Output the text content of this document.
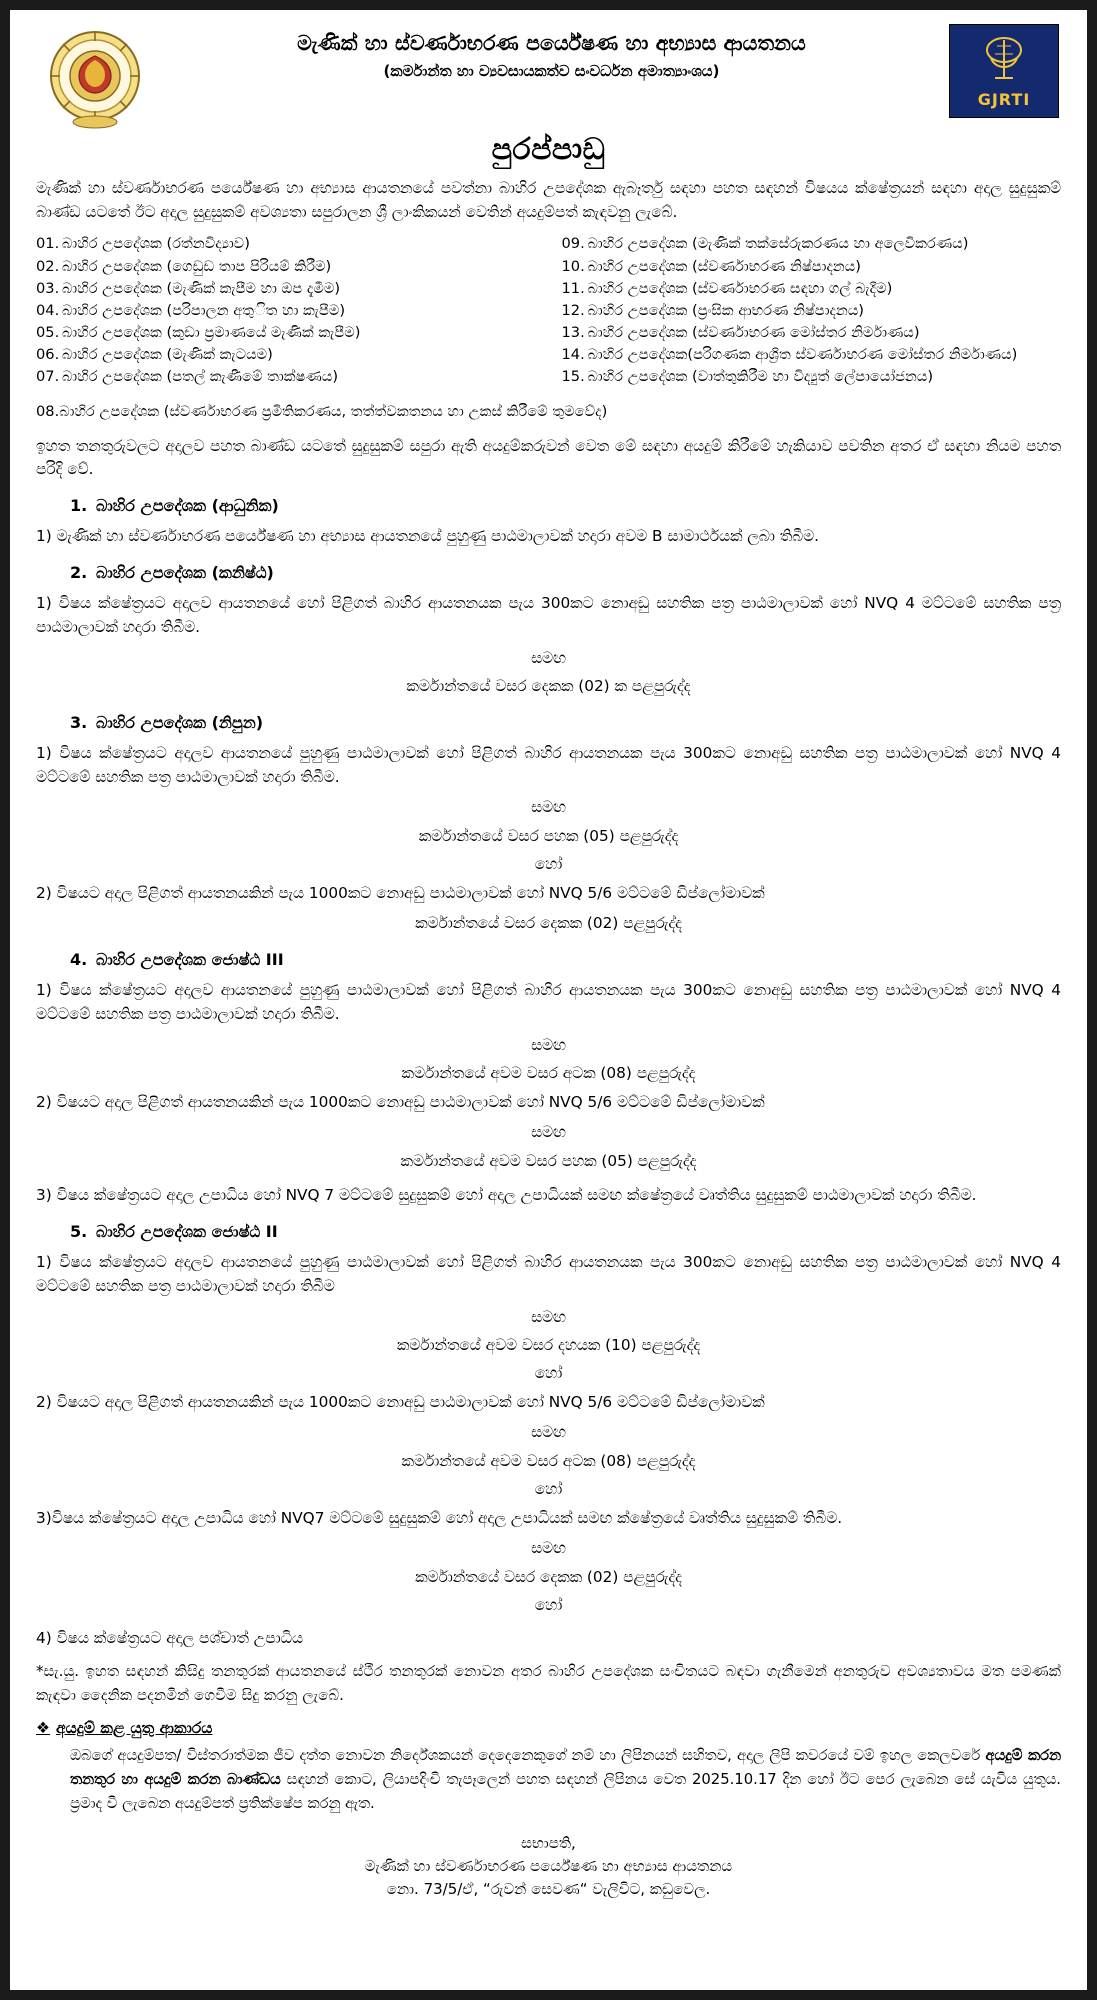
මැණික් හා ස්වර්ණාභරණ පර්යේෂණ හා අභ්‍යාස ආයතනය
(කර්මාන්ත හා ව්‍යවසායකත්ව සංවර්ධන අමාත්‍යාංශය)
GJRTI
පුරප්පාඩු

මැණික් හා ස්වර්ණාභරණ පර්යේෂණ හා අභ්‍යාස ආයතනයේ පවත්නා බාහිර උපදේශක ඇබෑර්තු සඳහා පහත සඳහන් විෂයය ක්ෂේත්‍රයන් සඳහා අදාල සුදුසුකම් බාණ්ඩ යටතේ ඊට අදාල සුදුසුකම් අවශ්‍යතා සපුරාලන ශ්‍රී ලාංකිකයන් වෙතින් අයදුම්පත් කැඳවනු ලැබේ.

01. බාහිර උපදේශක (රත්නවිද්‍යාව)
02. බාහිර උපදේශක (ගෙඩුඩ තාප පිරියම් කිරීම)
03. බාහිර උපදේශක (මැණික් කැපීම හා ඔප දැමීම)
04. බාහිර උපදේශක (පරිපාලන අතුිත හා කැපීම)
05. බාහිර උපදේශක (කුඩා ප්‍රමාණයේ මැණික් කැපීම)
06. බාහිර උපදේශක (මැණික් කැටයම)
07. බාහිර උපදේශක (පතල් කැණීමේ තාක්ෂණය)
09. බාහිර උපදේශක (මැණික් තක්සේරුකරණය හා අලෙවිකරණය)
10. බාහිර උපදේශක (ස්වර්ණාභරණ නිෂ්පාදනය)
11. බාහිර උපදේශක (ස්වර්ණාභරණ සඳහා ගල් බැදීම)
12. බාහිර උපදේශක (ප්‍රංසික ආභරණ නිෂ්පාදනය)
13. බාහිර උපදේශක (ස්වර්ණාභරණ මෝස්තර නිර්මාණය)
14. බාහිර උපදේශක(පරිගණක ආශ්‍රිත ස්වර්ණාභරණ මෝස්තර නිර්මාණය)
15. බාහිර උපදේශක (වාත්තුකිරීම හා විද්‍යුත් ලේපායෝජනය)
08.බාහිර උපදේශක (ස්වර්ණාභරණ ප්‍රමිතිකරණය, තත්ත්වකතනය හා උකස් කිරීමේ තුමවේද)

ඉහත තනතුරුවලට අදාලව පහත බාණ්ඩ යටතේ සුදුසුකම් සපුරා ඇති අයදුම්කරුවන් වෙත මේ සඳහා අයදුම් කිරීමේ හැකියාව පවතින අතර ඒ සඳහා නියම පහත පරිදි වේ.

1. බාහිර උපදේශක (ආධුනික)

1) මැණික් හා ස්වර්ණාභරණ පර්යේෂණ හා අභ්‍යාස ආයතනයේ පුහුණු පාඨමාලාවක් හදාරා අවම B සාමාර්ථයක් ලබා තිබීම.

2. බාහිර උපදේශක (කනිෂ්ඨ)

1) විෂය ක්ෂේත්‍රයට අදාලව ආයතනයේ හෝ පිළිගත් බාහිර ආයතනයක පැය 300කට නොඅඩු සහතික පත්‍ර පාඨමාලාවක් හෝ NVQ 4 මට්ටමේ සහතික පත්‍ර පාඨමාලාවක් හදාරා තිබීම.

සමඟ
කර්මාන්තයේ වසර දෙකක (02) ක පළපුරුද්ද
3. බාහිර උපදේශක (නිපුන)

1) විෂය ක්ෂේත්‍රයට අදාලව ආයතනයේ පුහුණු පාඨමාලාවක් හෝ පිළිගත් බාහිර ආයතනයක පැය 300කට නොඅඩු සහතික පත්‍ර පාඨමාලාවක් හෝ NVQ 4 මට්ටමේ සහතික පත්‍ර පාඨමාලාවක් හදාරා තිබීම.

සමඟ
කර්මාන්තයේ වසර පහක (05) පළපුරුද්ද
හෝ

2) විෂයට අදාල පිළිගත් ආයතනයකින් පැය 1000කට නොඅඩු පාඨමාලාවක් හෝ NVQ 5/6 මට්ටමේ ඩිප්ලෝමාවක්

කර්මාන්තයේ වසර දෙකක (02) පළපුරුද්ද
4. බාහිර උපදේශක ජොෂ්ඨ III

1) විෂය ක්ෂේත්‍රයට අදාලව ආයතනයේ පුහුණු පාඨමාලාවක් හෝ පිළිගත් බාහිර ආයතනයක පැය 300කට නොඅඩු සහතික පත්‍ර පාඨමාලාවක් හෝ NVQ 4 මට්ටමේ සහතික පත්‍ර පාඨමාලාවක් හදාරා තිබීම.

සමඟ
කර්මාන්තයේ අවම වසර අටක (08) පළපුරුද්ද

2) විෂයට අදාල පිළිගත් ආයතනයකින් පැය 1000කට නොඅඩු පාඨමාලාවක් හෝ NVQ 5/6 මට්ටමේ ඩිප්ලෝමාවක්

සමඟ
කර්මාන්තයේ අවම වසර පහක (05) පළපුරුද්ද

3) විෂය ක්ෂේත්‍රයට අදාල උපාධිය හෝ NVQ 7 මට්ටමේ සුදුසුකම් හෝ අදාල උපාධියක් සමඟ ක්ෂේත්‍රයේ වෘත්තිය සුදුසුකම් පාඨමාලාවක් හදාරා තිබීම.

5. බාහිර උපදේශක ජොෂ්ඨ II

1) විෂය ක්ෂේත්‍රයට අදාලව ආයතනයේ පුහුණු පාඨමාලාවක් හෝ පිළිගත් බාහිර ආයතනයක පැය 300කට නොඅඩු සහතික පත්‍ර පාඨමාලාවක් හෝ NVQ 4 මට්ටමේ සහතික පත්‍ර පාඨමාලාවක් හදාරා තිබීම

සමඟ
කර්මාන්තයේ අවම වසර දහයක (10) පළපුරුද්ද
හෝ

2) විෂයට අදාල පිළිගත් ආයතනයකින් පැය 1000කට නොඅඩු පාඨමාලාවක් හෝ NVQ 5/6 මට්ටමේ ඩිප්ලෝමාවක්

සමඟ
කර්මාන්තයේ අවම වසර අටක (08) පළපුරුද්ද
හෝ

3)විෂය ක්ෂේත්‍රයට අදාල උපාධිය හෝ NVQ7 මට්ටමේ සුදුසුකම් හෝ අදාල උපාධියක් සමඟ ක්ෂේත්‍රයේ වෘත්තිය සුදුසුකම් තිබීම.

සමඟ
කර්මාන්තයේ වසර දෙකක (02) පළපුරුද්ද
හෝ

4) විෂය ක්ෂේත්‍රයට අදාල පශ්චාත් උපාධිය

*සැ.යු. ඉහත සඳහන් කිසිදු තනතුරක් ආයතනයේ ස්ථීර තනතුරක් නොවන අතර බාහිර උපදේශක සංචිතයට බඳවා ගැනීමෙන් අනතුරුව අවශ්‍යතාවය මත පමණක් කැඳවා දෛනික පදනමින් ගෙවීම සිදු කරනු ලැබේ.

❖ අයදුම් කළ යුතු ආකාරය
ඔබගේ අයදුම්පත/ විස්තරාත්මක ජීව දත්ත නොවන නිර්දේශකයන් දෙදෙනෙකුගේ නම් හා ලිපිනයන් සහිතව, අදාල ලිපි කවරයේ වම් ඉහල කෙලවරේ අයදුම් කරන තනතුර හා අයදුම් කරන බාණ්ඩය සඳහන් කොට, ලියාපදිංචි තැපෑලෙන් පහත සඳහන් ලිපිනය වෙත 2025.10.17 දින හෝ ඊට පෙර ලැබෙන සේ යැවිය යුතුය. ප්‍රමාද වී ලැබෙන අයදුම්පත් ප්‍රතික්ෂේප කරනු ඇත.
සභාපති,
මැණික් හා ස්වර්ණාභරණ පර්යේෂණ හා අභ්‍යාස ආයතනය
නො. 73/5/ඒ, “රුවන් සෙවණ“ වැලිවිට, කඩුවෙල.
